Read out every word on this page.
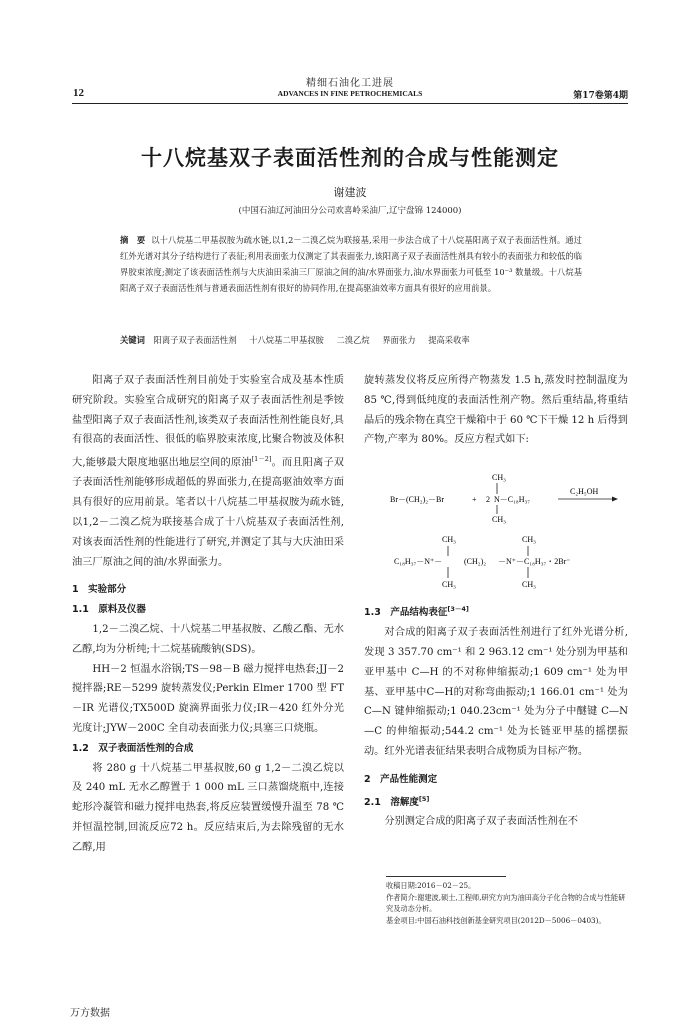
精细石油化工进展
ADVANCES IN FINE PETROCHEMICALS
12	第17卷第4期
十八烷基双子表面活性剂的合成与性能测定
谢建波
(中国石油辽河油田分公司欢喜岭采油厂,辽宁盘锦 124000)
摘　要 以十八烷基二甲基叔胺为疏水链,以1,2－二溴乙烷为联接基,采用一步法合成了十八烷基阳离子双子表面活性剂。通过红外光谱对其分子结构进行了表征;利用表面张力仪测定了其表面张力,该阳离子双子表面活性剂具有较小的表面张力和较低的临界胶束浓度;测定了该表面活性剂与大庆油田采油三厂原油之间的油/水界面张力,油/水界面张力可低至 10⁻³ 数量级。十八烷基阳离子双子表面活性剂与普通表面活性剂有很好的协同作用,在提高驱油效率方面具有很好的应用前景。
关键词 阳离子双子表面活性剂 十八烷基二甲基叔胺 二溴乙烷 界面张力 提高采收率

阳离子双子表面活性剂目前处于实验室合成及基本性质研究阶段。实验室合成研究的阳离子双子表面活性剂是季铵盐型阳离子双子表面活性剂,该类双子表面活性剂性能良好,具有很高的表面活性、很低的临界胶束浓度,比聚合物波及体积大,能够最大限度地驱出地层空间的原油[1－2]。而且阳离子双子表面活性剂能够形成超低的界面张力,在提高驱油效率方面具有很好的应用前景。笔者以十八烷基二甲基叔胺为疏水链,以1,2－二溴乙烷为联接基合成了十八烷基双子表面活性剂,对该表面活性剂的性能进行了研究,并测定了其与大庆油田采油三厂原油之间的油/水界面张力。

1　实验部分

1.1　原料及仪器

1,2－二溴乙烷、十八烷基二甲基叔胺、乙酸乙酯、无水乙醇,均为分析纯;十二烷基硫酸钠(SDS)。

HH－2 恒温水浴锅;TS－98－B 磁力搅拌电热套;JJ－2 搅拌器;RE－5299 旋转蒸发仪;Perkin Elmer 1700 型 FT－IR 光谱仪;TX500D 旋滴界面张力仪;IR－420 红外分光光度计;JYW－200C 全自动表面张力仪;具塞三口烧瓶。

1.2　双子表面活性剂的合成

将 280 g 十八烷基二甲基叔胺,60 g 1,2－二溴乙烷以及 240 mL 无水乙醇置于 1 000 mL 三口蒸馏烧瓶中,连接蛇形冷凝管和磁力搅拌电热套,将反应装置缓慢升温至 78 ℃并恒温控制,回流反应72 h。反应结束后,为去除残留的无水乙醇,用

旋转蒸发仪将反应所得产物蒸发 1.5 h,蒸发时控制温度为 85 ℃,得到低纯度的表面活性剂产物。然后重结晶,将重结晶后的残余物在真空干燥箱中于 60 ℃下干燥 12 h 后得到产物,产率为 80%。反应方程式如下:

1.3　产品结构表征[3－4]

对合成的阳离子双子表面活性剂进行了红外光谱分析,发现 3 357.70 cm⁻¹ 和 2 963.12 cm⁻¹ 处分别为甲基和亚甲基中 C—H 的不对称伸缩振动;1 609 cm⁻¹ 处为甲基、亚甲基中C—H的对称弯曲振动;1 166.01 cm⁻¹ 处为 C—N 键伸缩振动;1 040.23cm⁻¹ 处为分子中醚键 C—N—C 的伸缩振动;544.2 cm⁻¹ 处为长链亚甲基的摇摆振动。红外光谱表征结果表明合成物质为目标产物。

2　产品性能测定

2.1　溶解度[5]

分别测定合成的阳离子双子表面活性剂在不

Br－(CH₂)₂－Br	+ 2 N－C₁₈H₃₇
CH₃
CH₃
C₂H₅OH
CH₃	CH₃
C₁₈H₃₇－N⁺－	(CH₂)₂ －N⁺－C₁₈H₃₇・2Br⁻
CH₃	CH₃

收稿日期:2016－02－25。

作者简介:谢建波,硕士,工程师,研究方向为油田高分子化合物的合成与性能研究及动态分析。

基金项目:中国石油科技创新基金研究项目(2012D－5006－0403)。

万方数据
